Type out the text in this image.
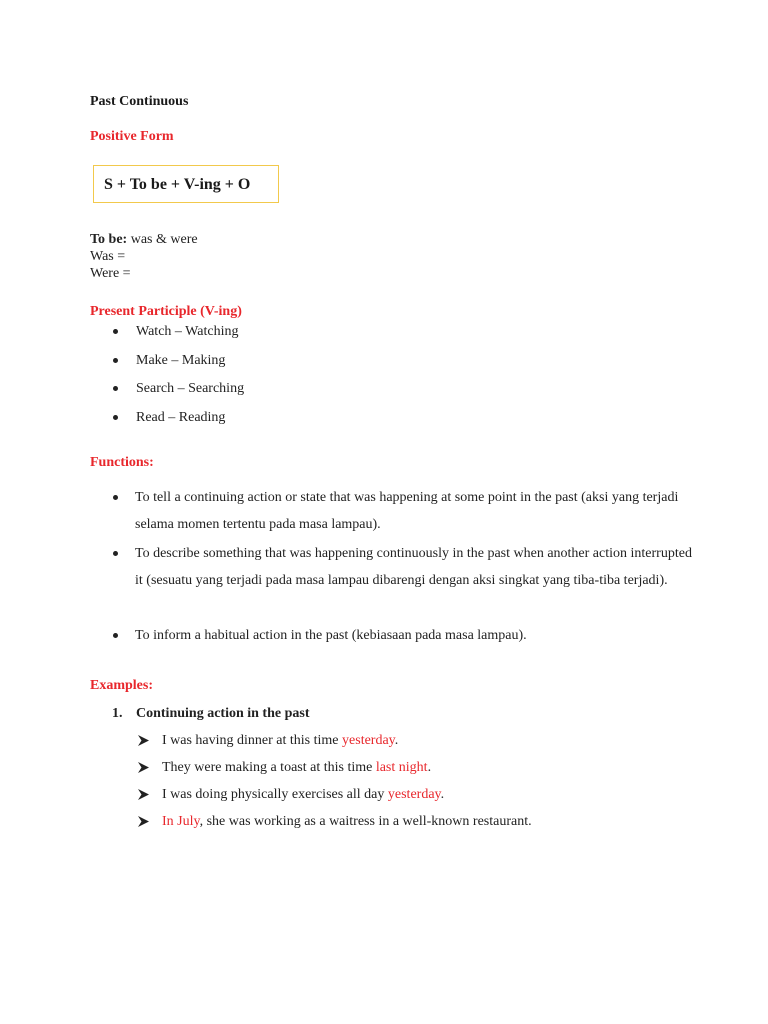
Past Continuous
Positive Form
S + To be + V-ing + O
To be: was & were
Was =
Were =
Present Participle (V-ing)
Watch – Watching
Make – Making
Search – Searching
Read – Reading
Functions:
To tell a continuing action or state that was happening at some point in the past (aksi yang terjadi selama momen tertentu pada masa lampau).
To describe something that was happening continuously in the past when another action interrupted it (sesuatu yang terjadi pada masa lampau dibarengi dengan aksi singkat yang tiba-tiba terjadi).
To inform a habitual action in the past (kebiasaan pada masa lampau).
Examples:
1. Continuing action in the past
I was having dinner at this time yesterday.
They were making a toast at this time last night.
I was doing physically exercises all day yesterday.
In July, she was working as a waitress in a well-known restaurant.
